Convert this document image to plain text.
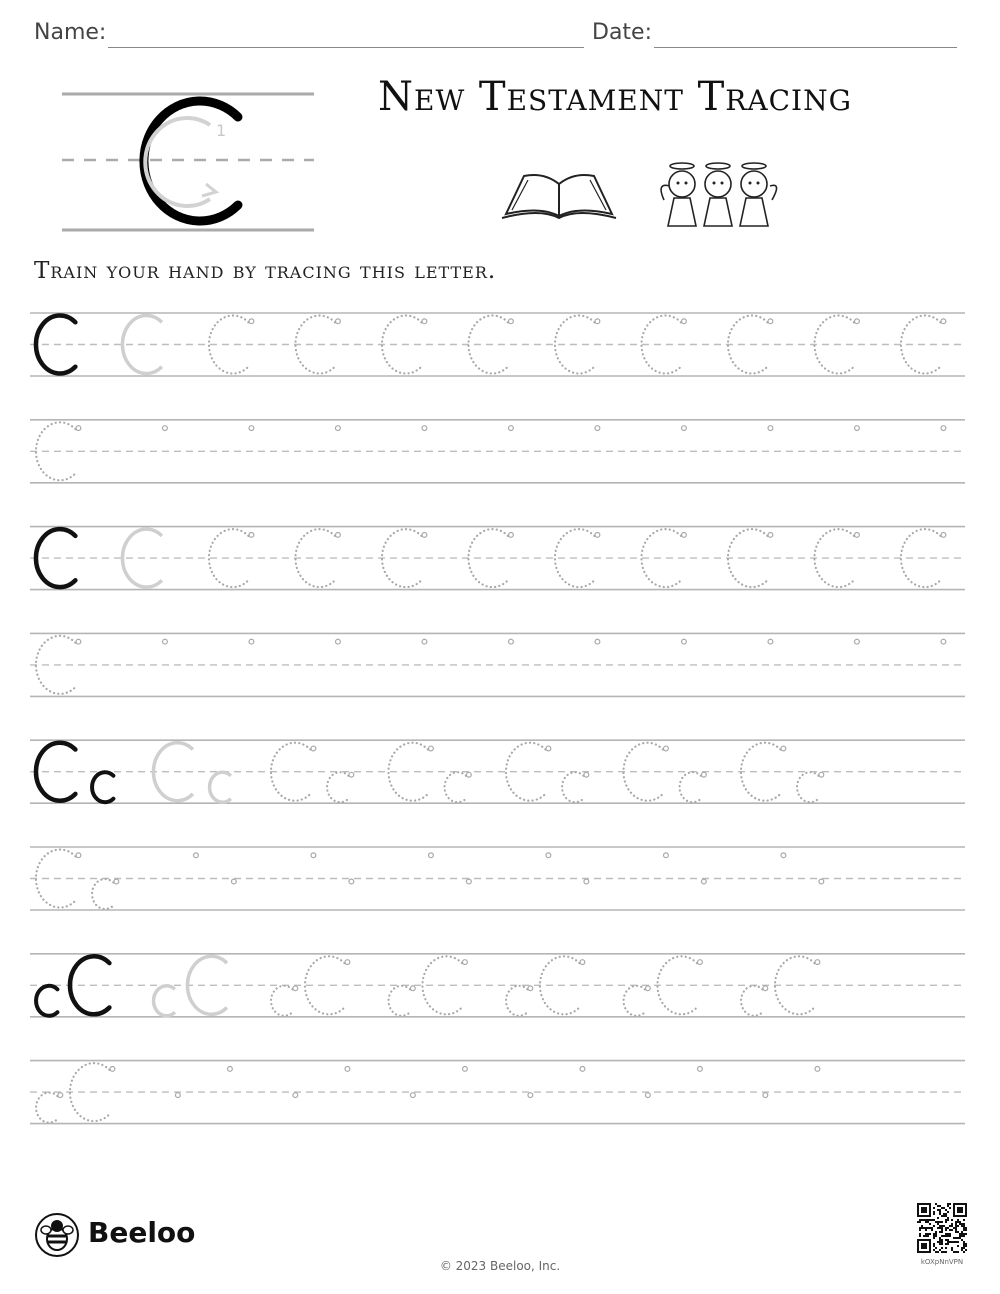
Name:	Date:
1
New Testament Tracing
Train your hand by tracing this letter.
Beeloo
© 2023 Beeloo, Inc.	kOXpNnVPN
